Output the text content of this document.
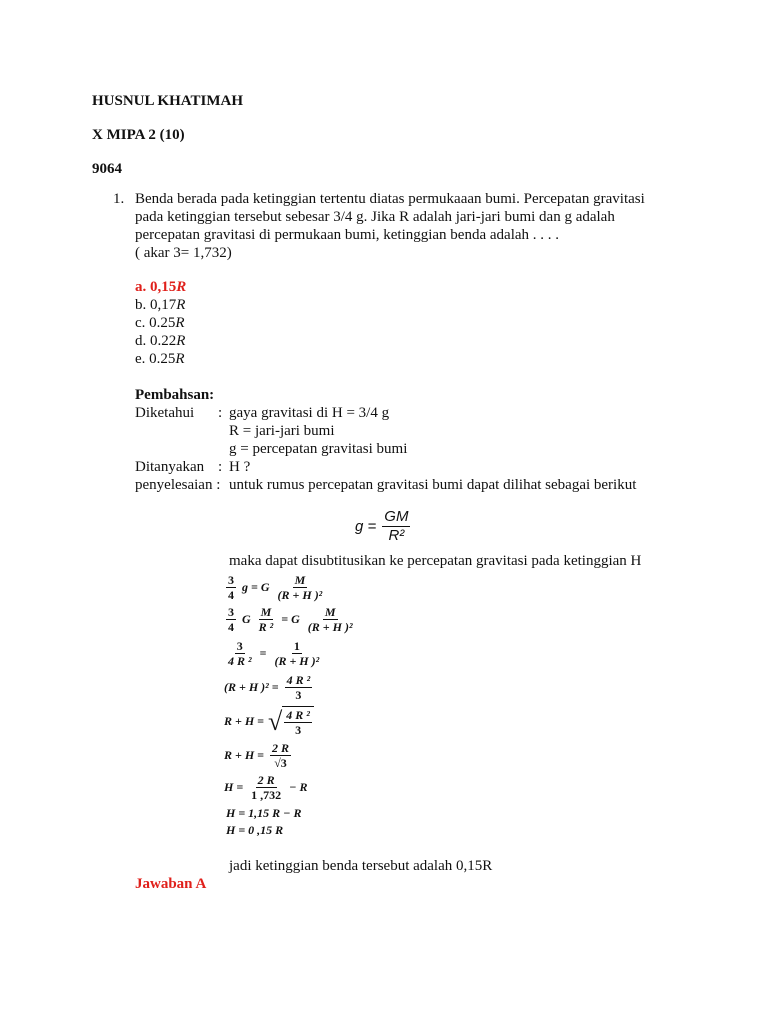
HUSNUL KHATIMAH
X MIPA 2 (10)
9064
1. Benda berada pada ketinggian tertentu diatas permukaaan bumi. Percepatan gravitasi
pada ketinggian tersebut sebesar 3/4 g. Jika R adalah jari-jari bumi dan g adalah
percepatan gravitasi di permukaan bumi, ketinggian benda adalah . . . .
( akar 3= 1,732)
a. 0,15R
b. 0,17R
c. 0.25R
d. 0.22R
e. 0.25R
Pembahsan:
Diketahui : gaya gravitasi di H = 3/4 g
R = jari-jari bumi
g = percepatan gravitasi bumi
Ditanyakan : H ?
penyelesaian : untuk rumus percepatan gravitasi bumi dapat dilihat sebagai berikut
$g = \frac{GM}{\text{R²}}$
maka dapat disubtitusikan ke percepatan gravitasi pada ketinggian H
$\frac{3}{4}$ g = G $\frac{M}{\text{(R + H )²}}$
$\frac{3}{4}$ G $\frac{M}{\text{R ²}} = G \frac{M}{\text{(R + H )²}}$
$\frac{3}{\text{4 R ²}} = \frac{1}{\text{(R + H )²}}$
(R + H )$^2 = \frac{\text{4 R ²}}{3}$
R + H = √ $\frac{\text{4 R ²}}{3}$
$R + H = \frac{2 R}{√3}$
$H = \frac{2 R}{1 ,732} - R$
H = 1,15 R − R
H = 0 ,15 R
jadi ketinggian benda tersebut adalah 0,15R
Jawaban A
